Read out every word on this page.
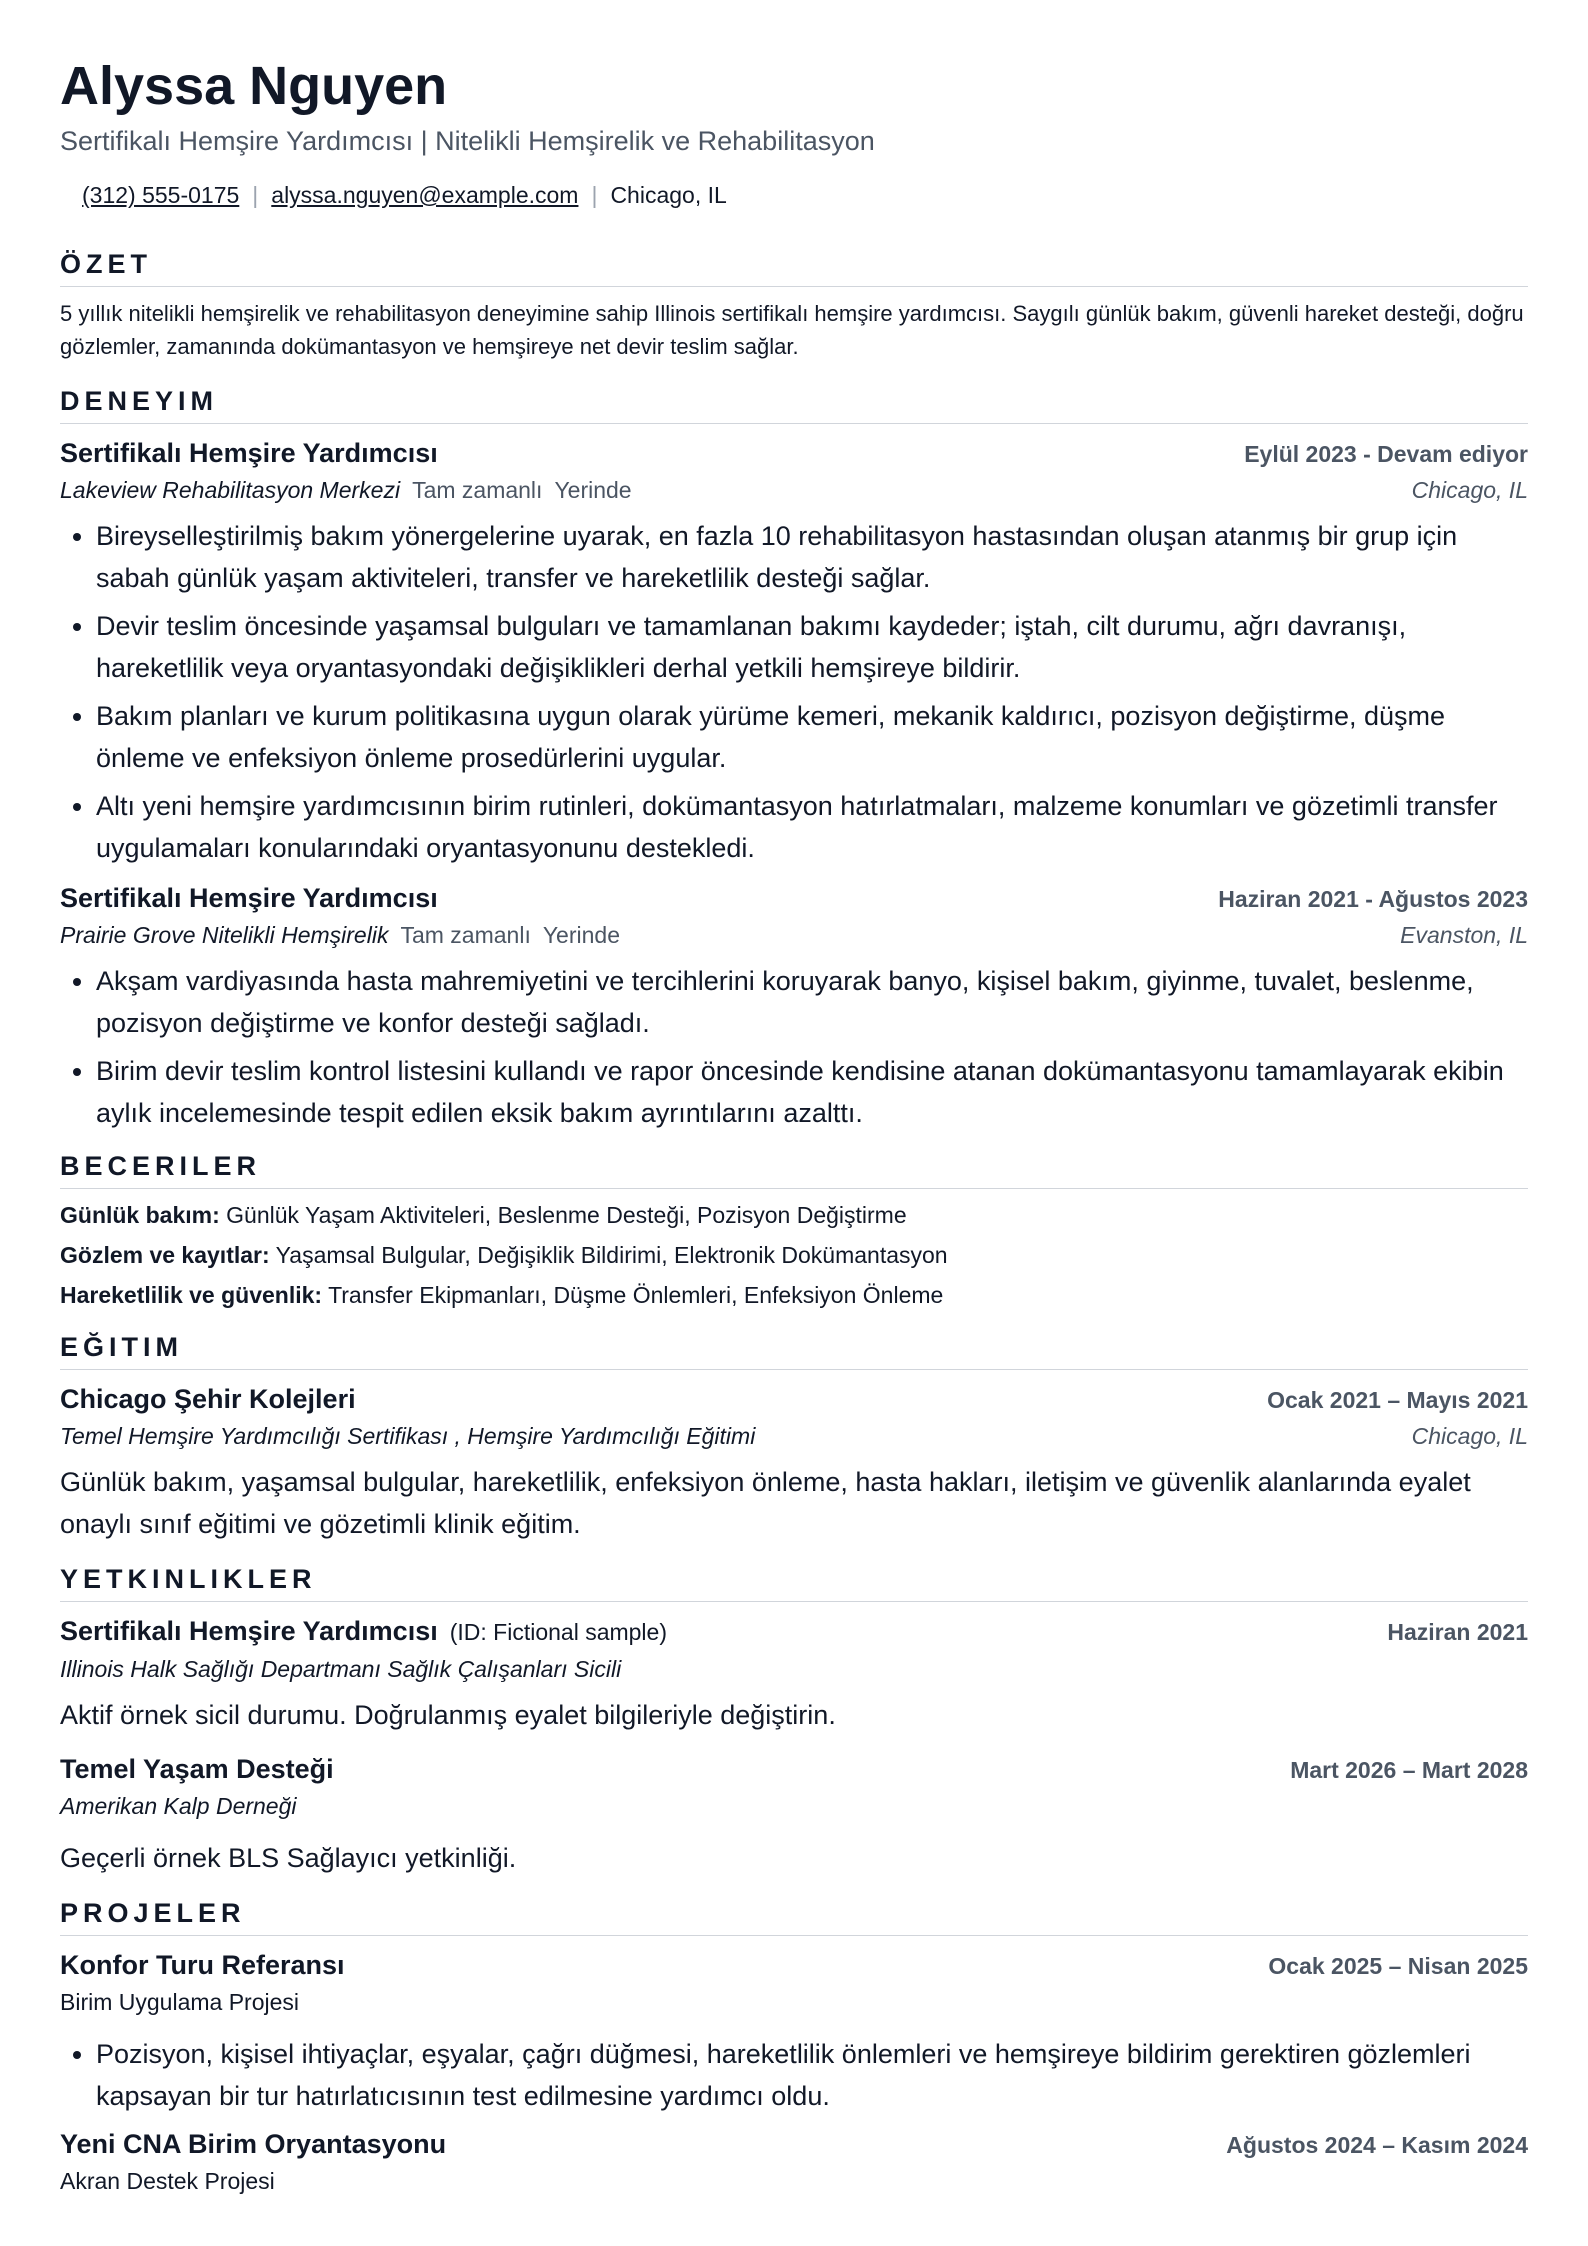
Alyssa Nguyen
Sertifikalı Hemşire Yardımcısı | Nitelikli Hemşirelik ve Rehabilitasyon
(312) 555-0175 | alyssa.nguyen@example.com | Chicago, IL
ÖZET
5 yıllık nitelikli hemşirelik ve rehabilitasyon deneyimine sahip Illinois sertifikalı hemşire yardımcısı. Saygılı günlük bakım, güvenli hareket desteği, doğru gözlemler, zamanında dokümantasyon ve hemşireye net devir teslim sağlar.
DENEYIM
Sertifikalı Hemşire Yardımcısı	Eylül 2023 - Devam ediyor
Lakeview Rehabilitasyon Merkezi Tam zamanlı Yerinde	Chicago, IL
• Bireyselleştirilmiş bakım yönergelerine uyarak, en fazla 10 rehabilitasyon hastasından oluşan atanmış bir grup için sabah günlük yaşam aktiviteleri, transfer ve hareketlilik desteği sağlar.
• Devir teslim öncesinde yaşamsal bulguları ve tamamlanan bakımı kaydeder; iştah, cilt durumu, ağrı davranışı, hareketlilik veya oryantasyondaki değişiklikleri derhal yetkili hemşireye bildirir.
• Bakım planları ve kurum politikasına uygun olarak yürüme kemeri, mekanik kaldırıcı, pozisyon değiştirme, düşme önleme ve enfeksiyon önleme prosedürlerini uygular.
• Altı yeni hemşire yardımcısının birim rutinleri, dokümantasyon hatırlatmaları, malzeme konumları ve gözetimli transfer uygulamaları konularındaki oryantasyonunu destekledi.
Sertifikalı Hemşire Yardımcısı	Haziran 2021 - Ağustos 2023
Prairie Grove Nitelikli Hemşirelik Tam zamanlı Yerinde	Evanston, IL
• Akşam vardiyasında hasta mahremiyetini ve tercihlerini koruyarak banyo, kişisel bakım, giyinme, tuvalet, beslenme, pozisyon değiştirme ve konfor desteği sağladı.
• Birim devir teslim kontrol listesini kullandı ve rapor öncesinde kendisine atanan dokümantasyonu tamamlayarak ekibin aylık incelemesinde tespit edilen eksik bakım ayrıntılarını azalttı.
BECERILER
Günlük bakım: Günlük Yaşam Aktiviteleri, Beslenme Desteği, Pozisyon Değiştirme
Gözlem ve kayıtlar: Yaşamsal Bulgular, Değişiklik Bildirimi, Elektronik Dokümantasyon
Hareketlilik ve güvenlik: Transfer Ekipmanları, Düşme Önlemleri, Enfeksiyon Önleme
EĞITIM
Chicago Şehir Kolejleri	Ocak 2021 – Mayıs 2021
Temel Hemşire Yardımcılığı Sertifikası , Hemşire Yardımcılığı Eğitimi	Chicago, IL
Günlük bakım, yaşamsal bulgular, hareketlilik, enfeksiyon önleme, hasta hakları, iletişim ve güvenlik alanlarında eyalet onaylı sınıf eğitimi ve gözetimli klinik eğitim.
YETKINLIKLER
Sertifikalı Hemşire Yardımcısı (ID: Fictional sample)	Haziran 2021
Illinois Halk Sağlığı Departmanı Sağlık Çalışanları Sicili
Aktif örnek sicil durumu. Doğrulanmış eyalet bilgileriyle değiştirin.
Temel Yaşam Desteği	Mart 2026 – Mart 2028
Amerikan Kalp Derneği
Geçerli örnek BLS Sağlayıcı yetkinliği.
PROJELER
Konfor Turu Referansı	Ocak 2025 – Nisan 2025
Birim Uygulama Projesi
• Pozisyon, kişisel ihtiyaçlar, eşyalar, çağrı düğmesi, hareketlilik önlemleri ve hemşireye bildirim gerektiren gözlemleri kapsayan bir tur hatırlatıcısının test edilmesine yardımcı oldu.
Yeni CNA Birim Oryantasyonu	Ağustos 2024 – Kasım 2024
Akran Destek Projesi
